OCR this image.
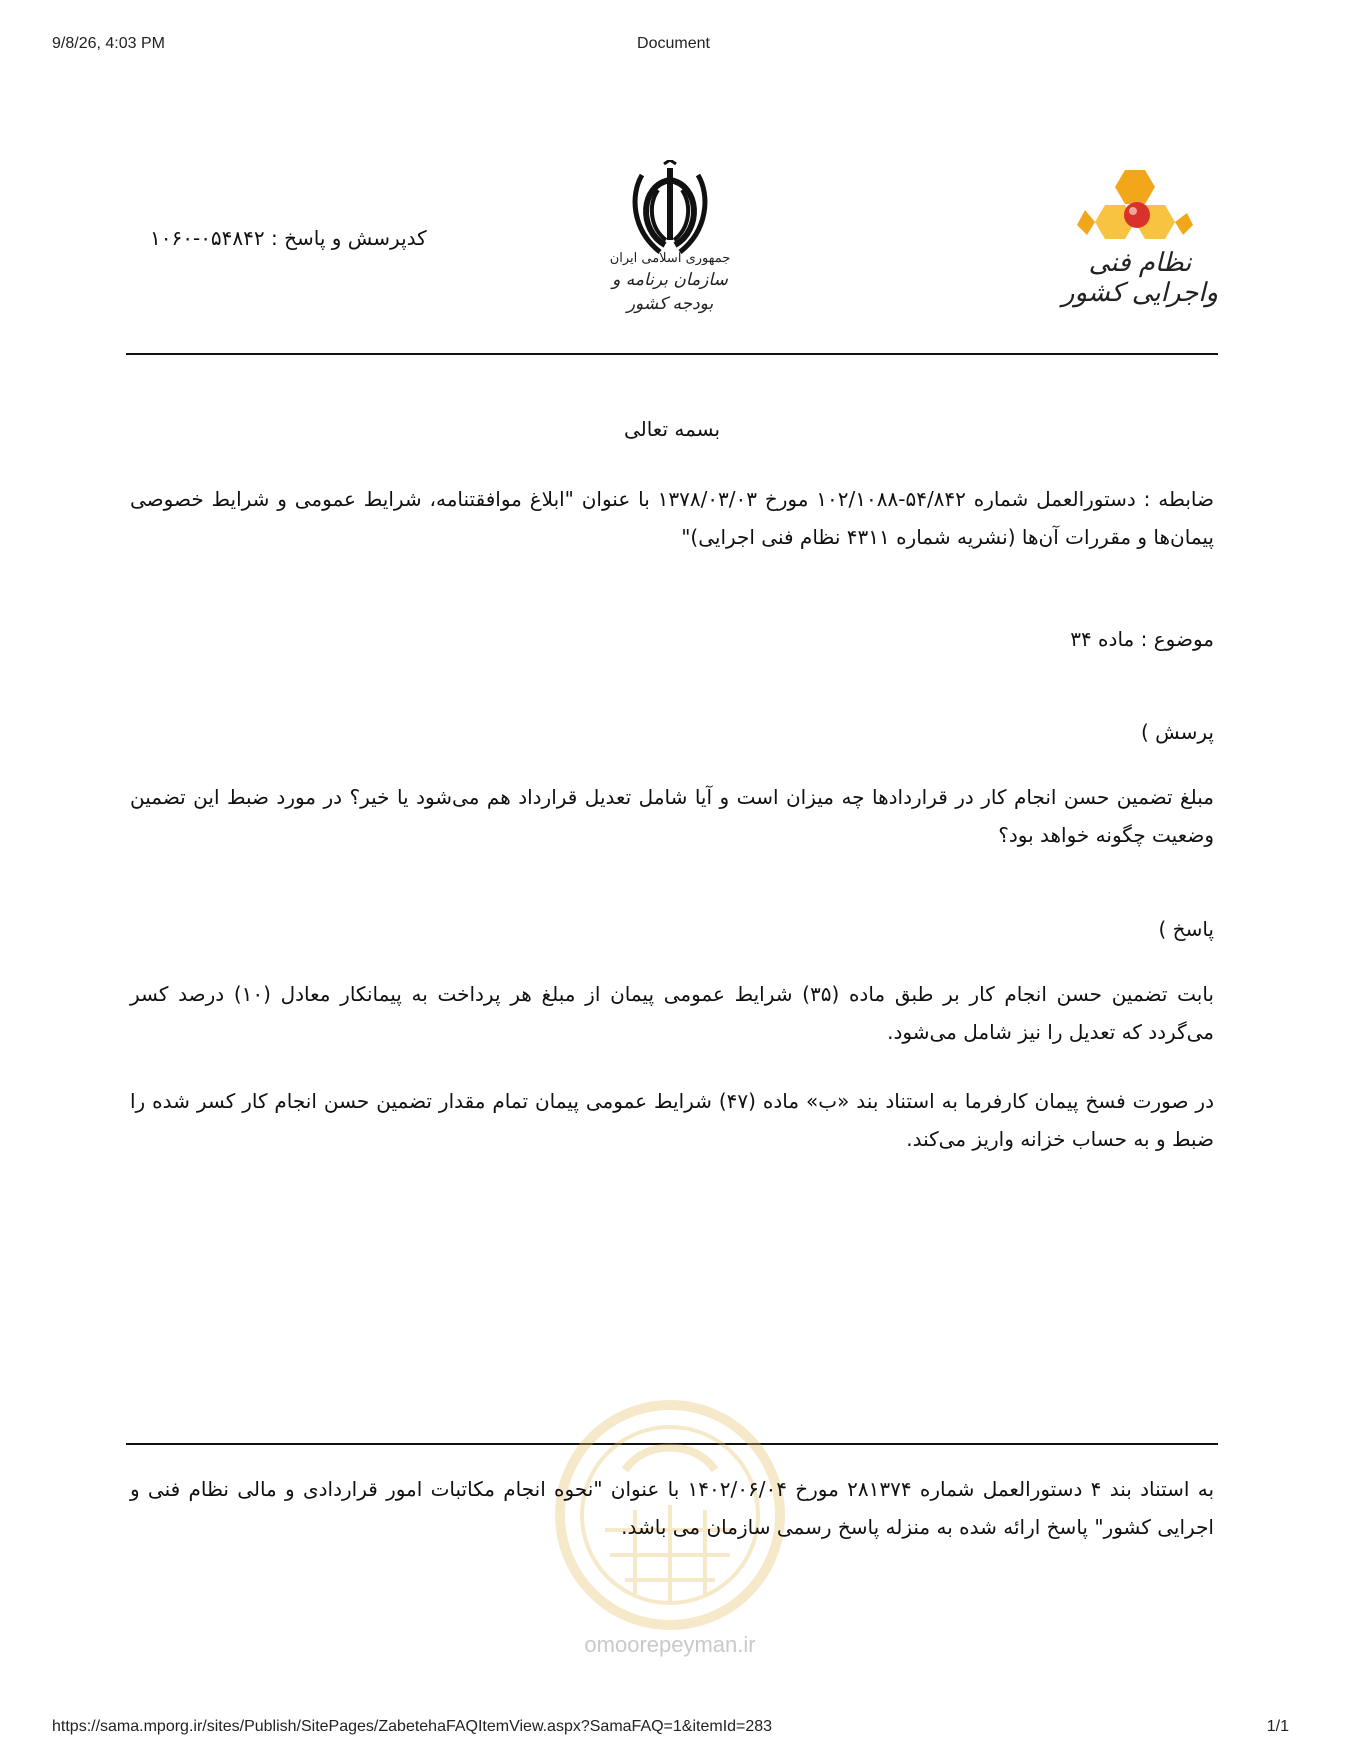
9/8/26, 4:03 PM	Document
نظام فنی واجرایی کشور
جمهوری اسلامی ایران
سازمان برنامه و بودجه کشور
کدپرسش و پاسخ : ۰۵۴۸۴۲-۱۰۶۰
بسمه تعالی
ضابطه : دستورالعمل شماره ۵۴/۸۴۲-۱۰۲/۱۰۸۸ مورخ ۱۳۷۸/۰۳/۰۳ با عنوان "ابلاغ موافقتنامه، شرایط عمومی و شرایط خصوصی پیمان‌ها و مقررات آن‌ها (نشریه شماره ۴۳۱۱ نظام فنی اجرایی)"
موضوع : ماده ۳۴
پرسش )
مبلغ تضمین حسن انجام کار در قراردادها چه میزان است و آیا شامل تعدیل قرارداد هم می‌شود یا خیر؟ در مورد ضبط این تضمین وضعیت چگونه خواهد بود؟
پاسخ )
بابت تضمین حسن انجام کار بر طبق ماده (۳۵) شرایط عمومی پیمان از مبلغ هر پرداخت به پیمانکار معادل (۱۰) درصد کسر می‌گردد که تعدیل را نیز شامل می‌شود.
در صورت فسخ پیمان کارفرما به استناد بند «ب» ماده (۴۷) شرایط عمومی پیمان تمام مقدار تضمین حسن انجام کار کسر شده را ضبط و به حساب خزانه واریز می‌کند.
به استناد بند ۴ دستورالعمل شماره ۲۸۱۳۷۴ مورخ ۱۴۰۲/۰۶/۰۴ با عنوان "نحوه انجام مکاتبات امور قراردادی و مالی نظام فنی و اجرایی کشور" پاسخ ارائه شده به منزله پاسخ رسمی سازمان می باشد.
omoorepeyman.ir
https://sama.mporg.ir/sites/Publish/SitePages/ZabetehaFAQItemView.aspx?SamaFAQ=1&itemId=283	1/1
